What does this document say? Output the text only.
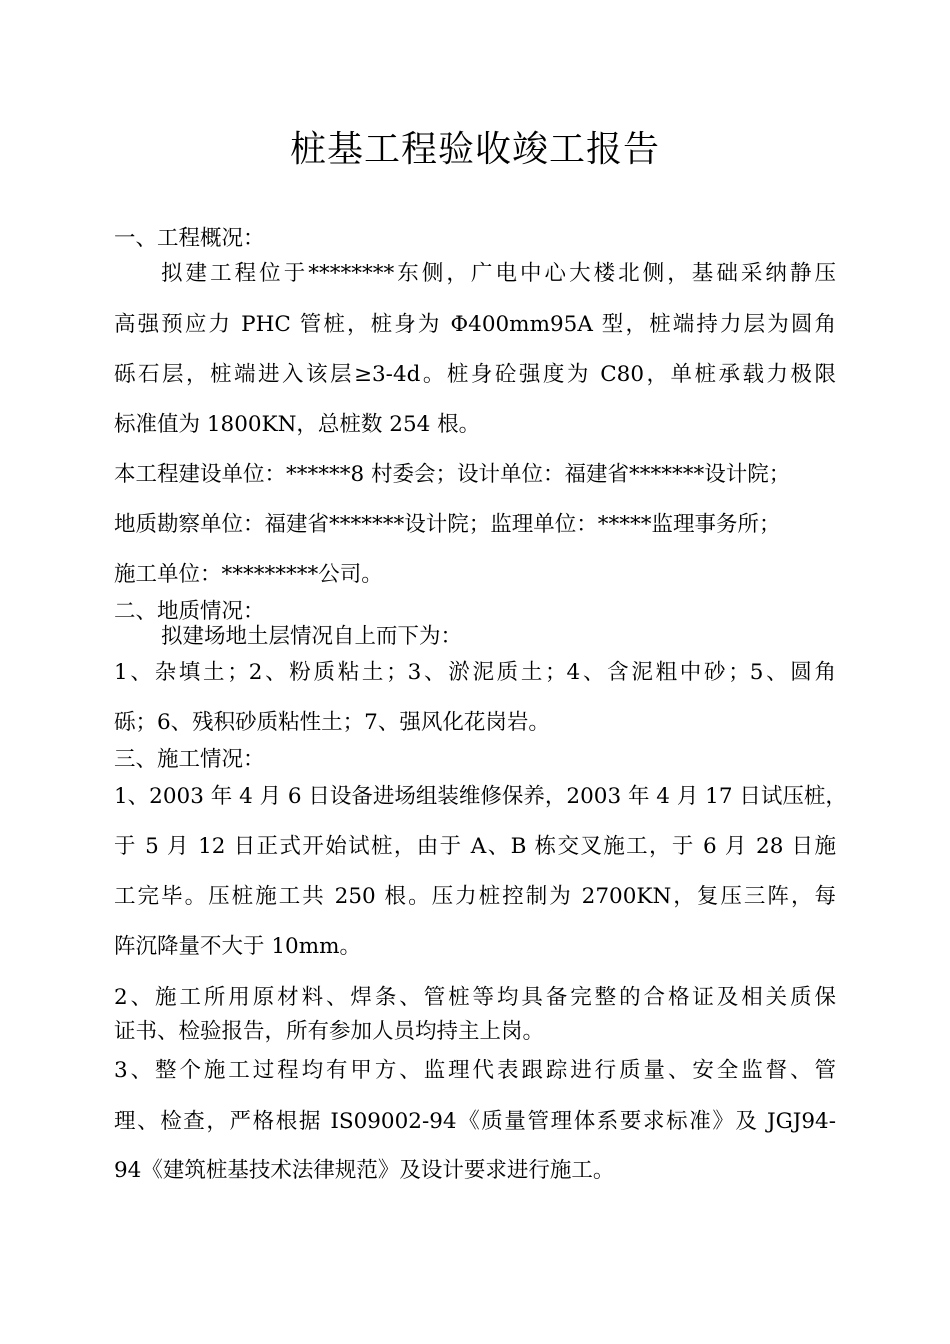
桩基工程验收竣工报告
一、工程概况：
拟建工程位于********东侧，广电中心大楼北侧，基础采纳静压
高强预应力 PHC 管桩，桩身为 Φ400mm95A 型，桩端持力层为圆角
砾石层，桩端进入该层≥3-4d。桩身砼强度为 C80，单桩承载力极限
标准值为 1800KN，总桩数 254 根。
本工程建设单位：******8 村委会；设计单位：福建省*******设计院；
地质勘察单位：福建省*******设计院；监理单位：*****监理事务所；
施工单位：*********公司。
二、地质情况：
拟建场地土层情况自上而下为：
1、杂填土；2、粉质粘土；3、淤泥质土；4、含泥粗中砂；5、圆角
砾；6、残积砂质粘性土；7、强风化花岗岩。
三、施工情况：
1、2003 年 4 月 6 日设备进场组装维修保养，2003 年 4 月 17 日试压桩，
于 5 月 12 日正式开始试桩，由于 A、B 栋交叉施工，于 6 月 28 日施
工完毕。压桩施工共 250 根。压力桩控制为 2700KN，复压三阵，每
阵沉降量不大于 10mm。
2、施工所用原材料、焊条、管桩等均具备完整的合格证及相关质保
证书、检验报告，所有参加人员均持主上岗。
3、整个施工过程均有甲方、监理代表跟踪进行质量、安全监督、管
理、检查，严格根据 IS09002-94《质量管理体系要求标准》及 JGJ94-
94《建筑桩基技术法律规范》及设计要求进行施工。
